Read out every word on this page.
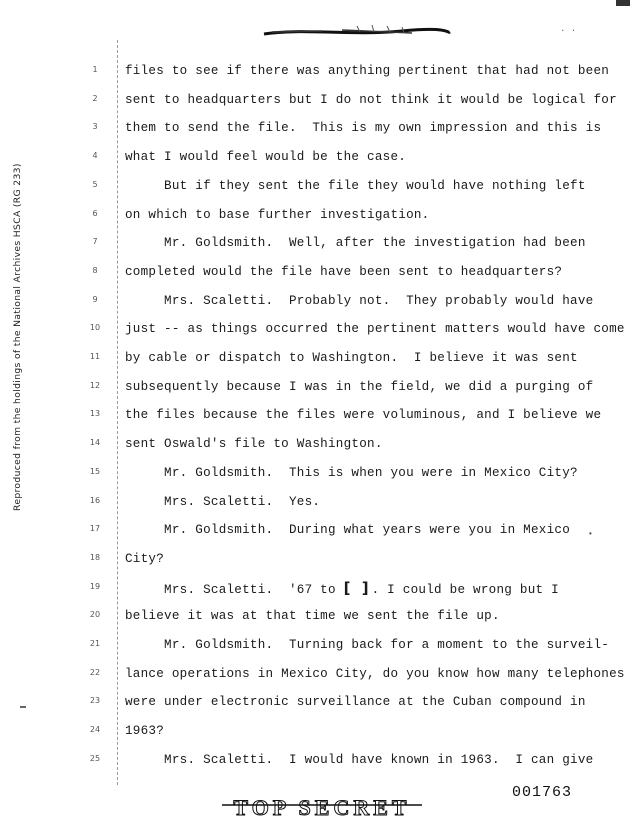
· ·
Reproduced from the holdings of the National Archives HSCA (RG 233)
1
2
3
4
5
6
7
8
9
10
11
12
13
14
15
16
17
18
19
20
21
22
23
24
25
files to see if there was anything pertinent that had not been
sent to headquarters but I do not think it would be logical for
them to send the file.  This is my own impression and this is
what I would feel would be the case.
But if they sent the file they would have nothing left
on which to base further investigation.
Mr. Goldsmith.  Well, after the investigation had been
completed would the file have been sent to headquarters?
Mrs. Scaletti.  Probably not.  They probably would have
just -- as things occurred the pertinent matters would have come
by cable or dispatch to Washington.  I believe it was sent
subsequently because I was in the field, we did a purging of
the files because the files were voluminous, and I believe we
sent Oswald's file to Washington.
Mr. Goldsmith.  This is when you were in Mexico City?
Mrs. Scaletti.  Yes.
Mr. Goldsmith.  During what years were you in Mexico
City?
Mrs. Scaletti.  '67 to [ ]. I could be wrong but I
believe it was at that time we sent the file up.
Mr. Goldsmith.  Turning back for a moment to the surveil-
lance operations in Mexico City, do you know how many telephones
were under electronic surveillance at the Cuban compound in
1963?
Mrs. Scaletti.  I would have known in 1963.  I can give
•
001763
TOP SECRET
